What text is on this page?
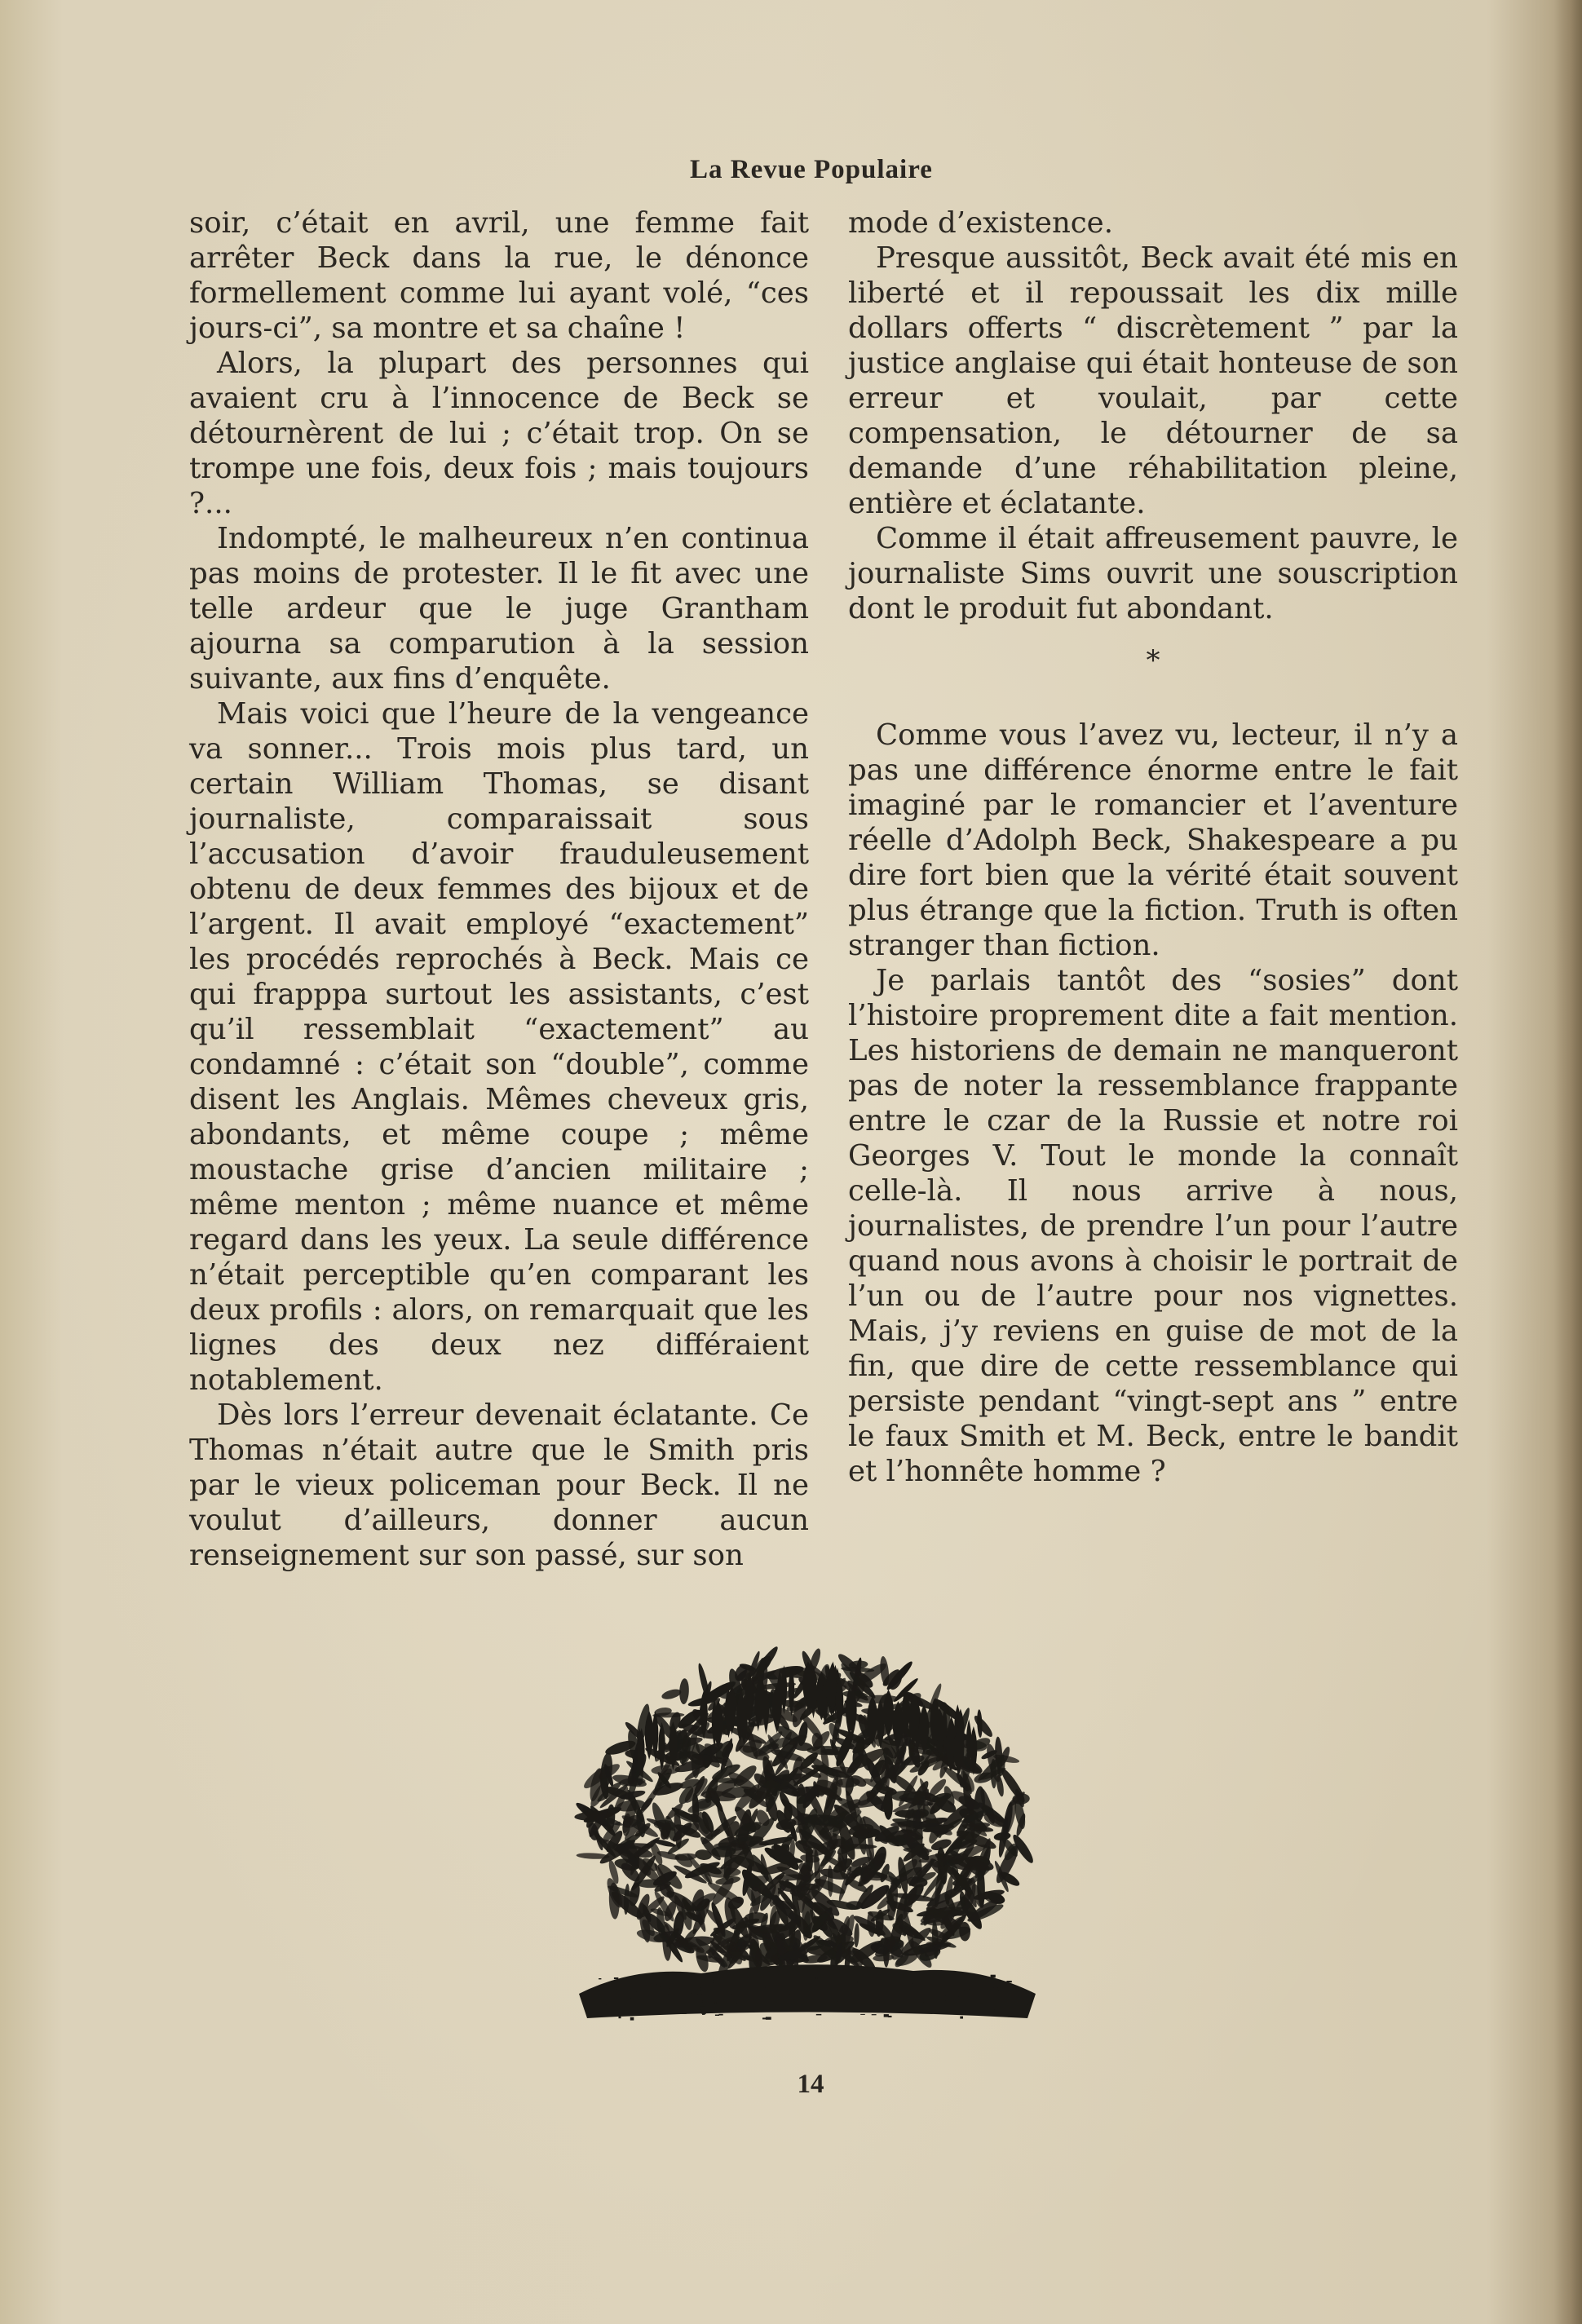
La Revue Populaire

soir, c’était en avril, une femme fait arrêter Beck dans la rue, le dénonce formellement comme lui ayant volé, “ces jours-ci”, sa montre et sa chaîne !

Alors, la plupart des personnes qui avaient cru à l’innocence de Beck se détournèrent de lui ; c’était trop. On se trompe une fois, deux fois ; mais toujours ?...

Indompté, le malheureux n’en continua pas moins de protester. Il le fit avec une telle ardeur que le juge Grantham ajourna sa comparution à la session suivante, aux fins d’enquête.

Mais voici que l’heure de la vengeance va sonner... Trois mois plus tard, un certain William Thomas, se disant journaliste, comparaissait sous l’accusation d’avoir frauduleusement obtenu de deux femmes des bijoux et de l’argent. Il avait employé “exactement” les procédés reprochés à Beck. Mais ce qui frapppa surtout les assistants, c’est qu’il ressemblait “exactement” au condamné : c’était son “double”, comme disent les Anglais. Mêmes cheveux gris, abondants, et même coupe ; même moustache grise d’ancien militaire ; même menton ; même nuance et même regard dans les yeux. La seule différence n’était perceptible qu’en comparant les deux profils : alors, on remarquait que les lignes des deux nez différaient notablement.

Dès lors l’erreur devenait éclatante. Ce Thomas n’était autre que le Smith pris par le vieux policeman pour Beck. Il ne voulut d’ailleurs, donner aucun renseignement sur son passé, sur son

mode d’existence.

Presque aussitôt, Beck avait été mis en liberté et il repoussait les dix mille dollars offerts “ discrètement ” par la justice anglaise qui était honteuse de son erreur et voulait, par cette compensation, le détourner de sa demande d’une réhabilitation pleine, entière et éclatante.

Comme il était affreusement pauvre, le journaliste Sims ouvrit une souscription dont le produit fut abondant.

*

Comme vous l’avez vu, lecteur, il n’y a pas une différence énorme entre le fait imaginé par le romancier et l’aventure réelle d’Adolph Beck, Shakespeare a pu dire fort bien que la vérité était souvent plus étrange que la fiction. Truth is often stranger than fiction.

Je parlais tantôt des “sosies” dont l’histoire proprement dite a fait mention. Les historiens de demain ne manqueront pas de noter la ressemblance frappante entre le czar de la Russie et notre roi Georges V. Tout le monde la connaît celle-là. Il nous arrive à nous, journalistes, de prendre l’un pour l’autre quand nous avons à choisir le portrait de l’un ou de l’autre pour nos vignettes. Mais, j’y reviens en guise de mot de la fin, que dire de cette ressemblance qui persiste pendant “vingt-sept ans ” entre le faux Smith et M. Beck, entre le bandit et l’honnête homme ?

14
